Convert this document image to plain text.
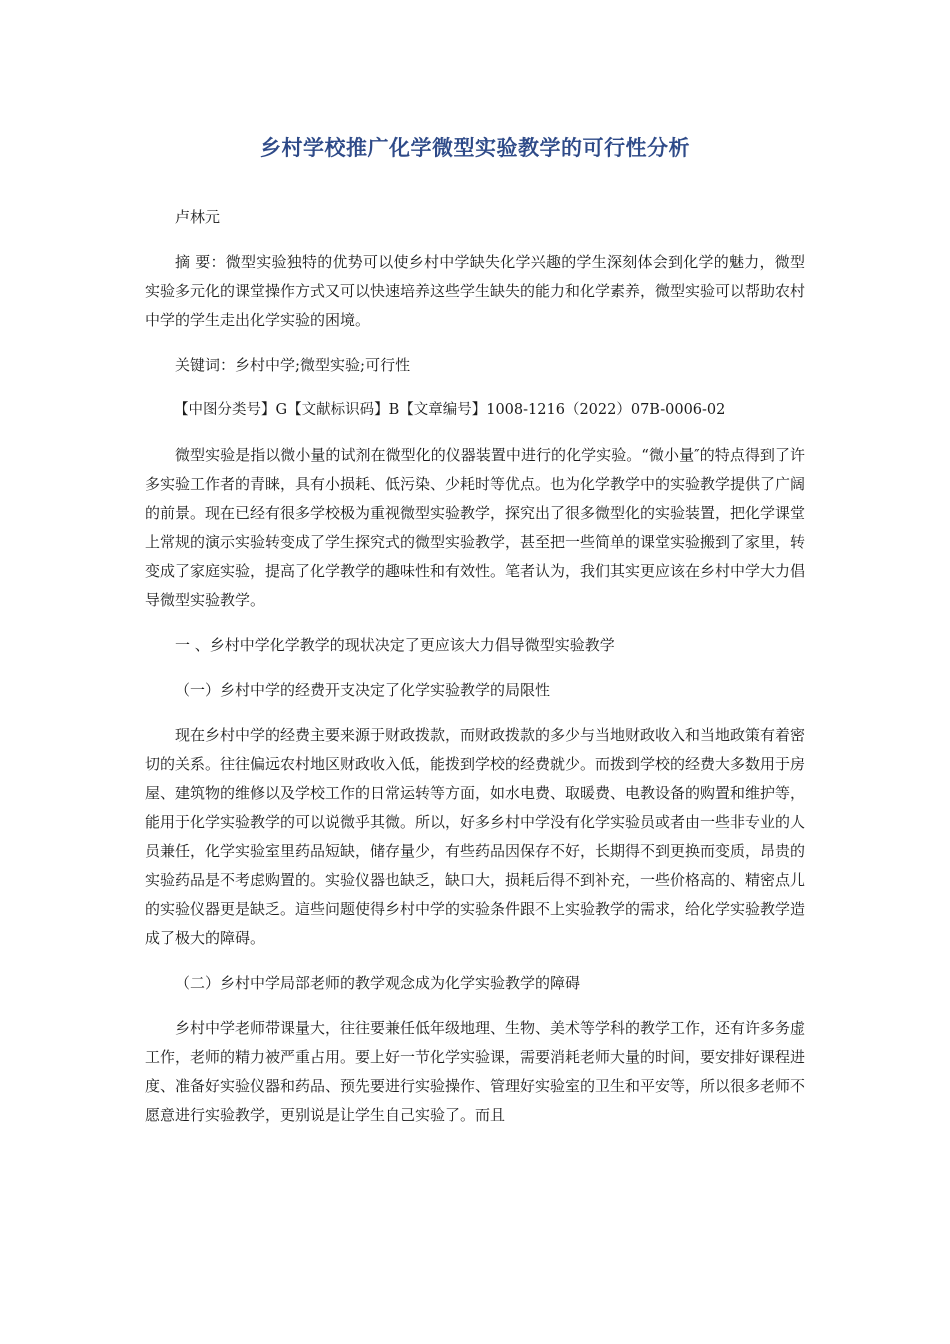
乡村学校推广化学微型实验教学的可行性分析

卢林元

摘 要：微型实验独特的优势可以使乡村中学缺失化学兴趣的学生深刻体会到化学的魅力，微型实验多元化的课堂操作方式又可以快速培养这些学生缺失的能力和化学素养，微型实验可以帮助农村中学的学生走出化学实验的困境。

关键词：乡村中学;微型实验;可行性

【中图分类号】G【文献标识码】B【文章编号】1008-1216（2022）07B-0006-02

微型实验是指以微小量的试剂在微型化的仪器装置中进行的化学实验。“微小量″的特点得到了许多实验工作者的青睐，具有小损耗、低污染、少耗时等优点。也为化学教学中的实验教学提供了广阔的前景。现在已经有很多学校极为重视微型实验教学，探究出了很多微型化的实验装置，把化学课堂上常规的演示实验转变成了学生探究式的微型实验教学，甚至把一些简单的课堂实验搬到了家里，转变成了家庭实验，提高了化学教学的趣味性和有效性。笔者认为，我们其实更应该在乡村中学大力倡导微型实验教学。

一 、乡村中学化学教学的现状决定了更应该大力倡导微型实验教学

（一）乡村中学的经费开支决定了化学实验教学的局限性

现在乡村中学的经费主要来源于财政拨款，而财政拨款的多少与当地财政收入和当地政策有着密切的关系。往往偏远农村地区财政收入低，能拨到学校的经费就少。而拨到学校的经费大多数用于房屋、建筑物的维修以及学校工作的日常运转等方面，如水电费、取暖费、电教设备的购置和维护等，能用于化学实验教学的可以说微乎其微。所以，好多乡村中学没有化学实验员或者由一些非专业的人员兼任，化学实验室里药品短缺，储存量少，有些药品因保存不好，长期得不到更换而变质，昂贵的实验药品是不考虑购置的。实验仪器也缺乏，缺口大，损耗后得不到补充，一些价格高的、精密点儿的实验仪器更是缺乏。這些问题使得乡村中学的实验条件跟不上实验教学的需求，给化学实验教学造成了极大的障碍。

（二）乡村中学局部老师的教学观念成为化学实验教学的障碍

乡村中学老师带课量大，往往要兼任低年级地理、生物、美术等学科的教学工作，还有许多务虚工作，老师的精力被严重占用。要上好一节化学实验课，需要消耗老师大量的时间，要安排好课程进度、准备好实验仪器和药品、预先要进行实验操作、管理好实验室的卫生和平安等，所以很多老师不愿意进行实验教学，更别说是让学生自己实验了。而且
